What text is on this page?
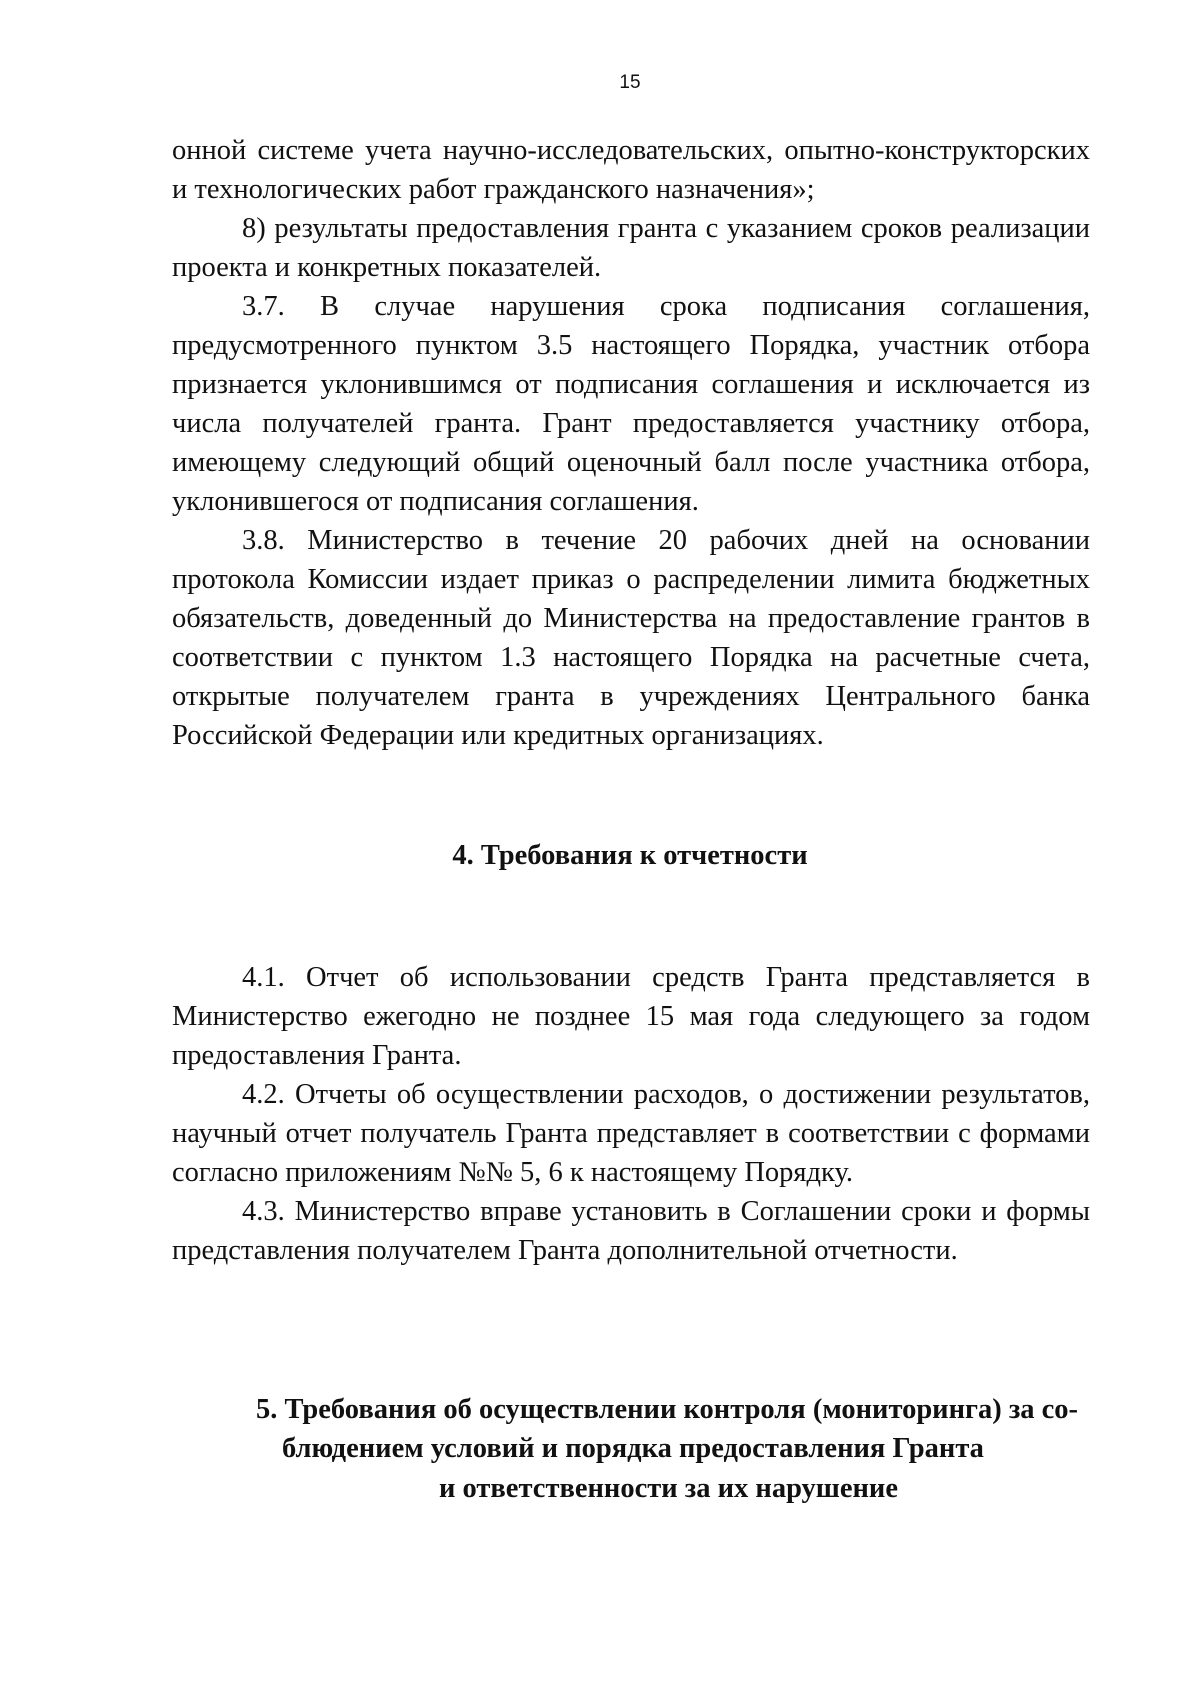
15

онной системе учета научно-исследовательских, опытно-конструкторских и технологических работ гражданского назначения»;

8) результаты предоставления гранта с указанием сроков реализации проекта и конкретных показателей.

3.7. В случае нарушения срока подписания соглашения, предусмотренного пунктом 3.5 настоящего Порядка, участник отбора признается уклонившимся от подписания соглашения и исключается из числа получателей гранта. Грант предоставляется участнику отбора, имеющему следующий общий оценочный балл после участника отбора, уклонившегося от подписания соглашения.

3.8. Министерство в течение 20 рабочих дней на основании протокола Комиссии издает приказ о распределении лимита бюджетных обязательств, доведенный до Министерства на предоставление грантов в соответствии с пунктом 1.3 настоящего Порядка на расчетные счета, открытые получателем гранта в учреждениях Центрального банка Российской Федерации или кредитных организациях.

4. Требования к отчетности

4.1. Отчет об использовании средств Гранта представляется в Министерство ежегодно не позднее 15 мая года следующего за годом предоставления Гранта.

4.2. Отчеты об осуществлении расходов, о достижении результатов, научный отчет получатель Гранта представляет в соответствии с формами согласно приложениям №№ 5, 6 к настоящему Порядку.

4.3. Министерство вправе установить в Соглашении сроки и формы представления получателем Гранта дополнительной отчетности.

5. Требования об осуществлении контроля (мониторинга) за со-
блюдением условий и порядка предоставления Гранта
и ответственности за их нарушение
